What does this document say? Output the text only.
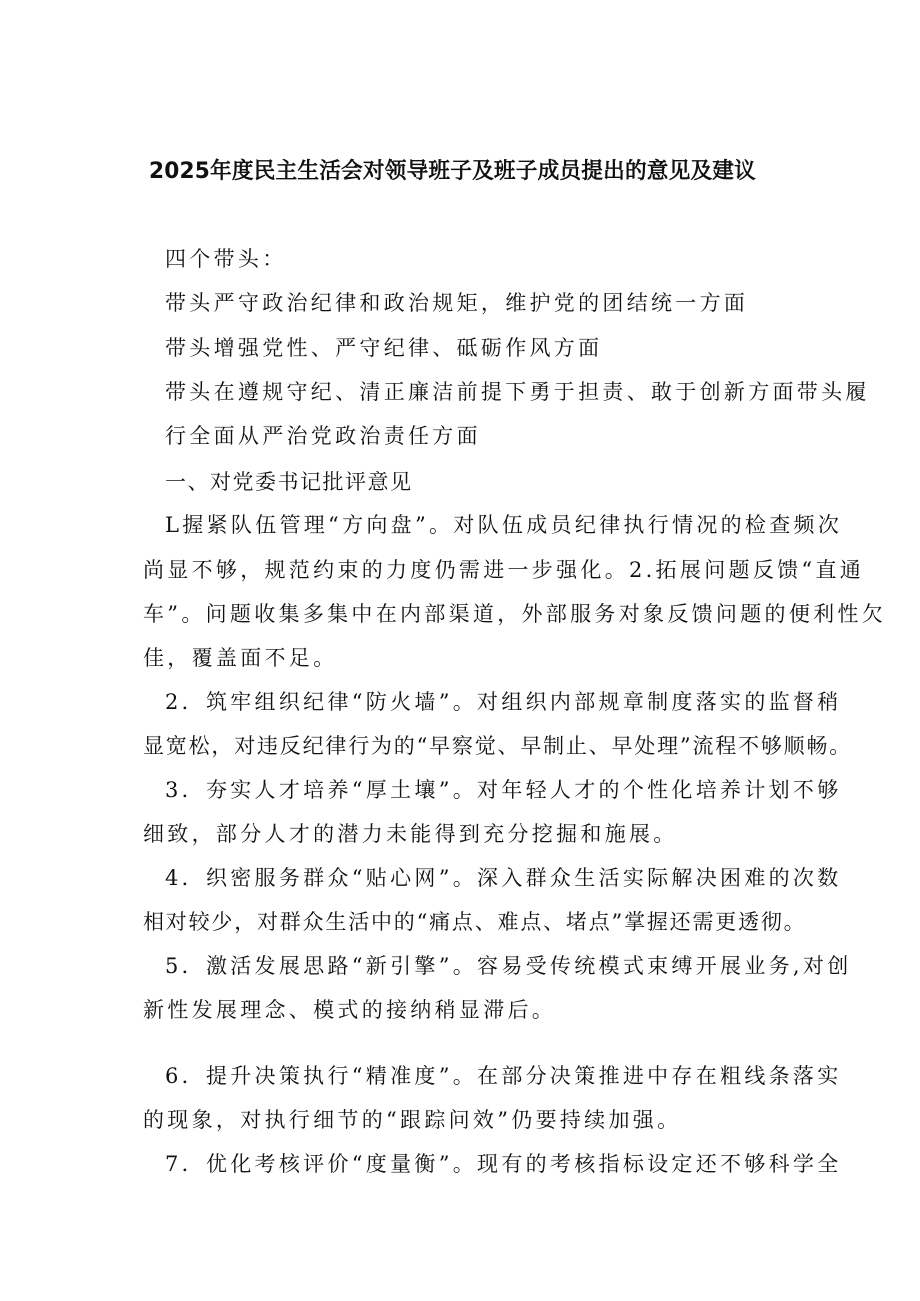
2025年度民主生活会对领导班子及班子成员提出的意见及建议
四个带头：
带头严守政治纪律和政治规矩，维护党的团结统一方面
带头增强党性、严守纪律、砥砺作风方面
带头在遵规守纪、清正廉洁前提下勇于担责、敢于创新方面带头履
行全面从严治党政治责任方面
一、对党委书记批评意见
L握紧队伍管理“方向盘”。对队伍成员纪律执行情况的检查频次
尚显不够，规范约束的力度仍需进一步强化。2.拓展问题反馈“直通
车”。问题收集多集中在内部渠道，外部服务对象反馈问题的便利性欠
佳，覆盖面不足。
2．筑牢组织纪律“防火墙”。对组织内部规章制度落实的监督稍
显宽松，对违反纪律行为的“早察觉、早制止、早处理”流程不够顺畅。
3．夯实人才培养“厚土壤”。对年轻人才的个性化培养计划不够
细致，部分人才的潜力未能得到充分挖掘和施展。
4．织密服务群众“贴心网”。深入群众生活实际解决困难的次数
相对较少，对群众生活中的“痛点、难点、堵点”掌握还需更透彻。
5．激活发展思路“新引擎”。容易受传统模式束缚开展业务,对创
新性发展理念、模式的接纳稍显滞后。
6．提升决策执行“精准度”。在部分决策推进中存在粗线条落实
的现象，对执行细节的“跟踪问效”仍要持续加强。
7．优化考核评价“度量衡”。现有的考核指标设定还不够科学全
